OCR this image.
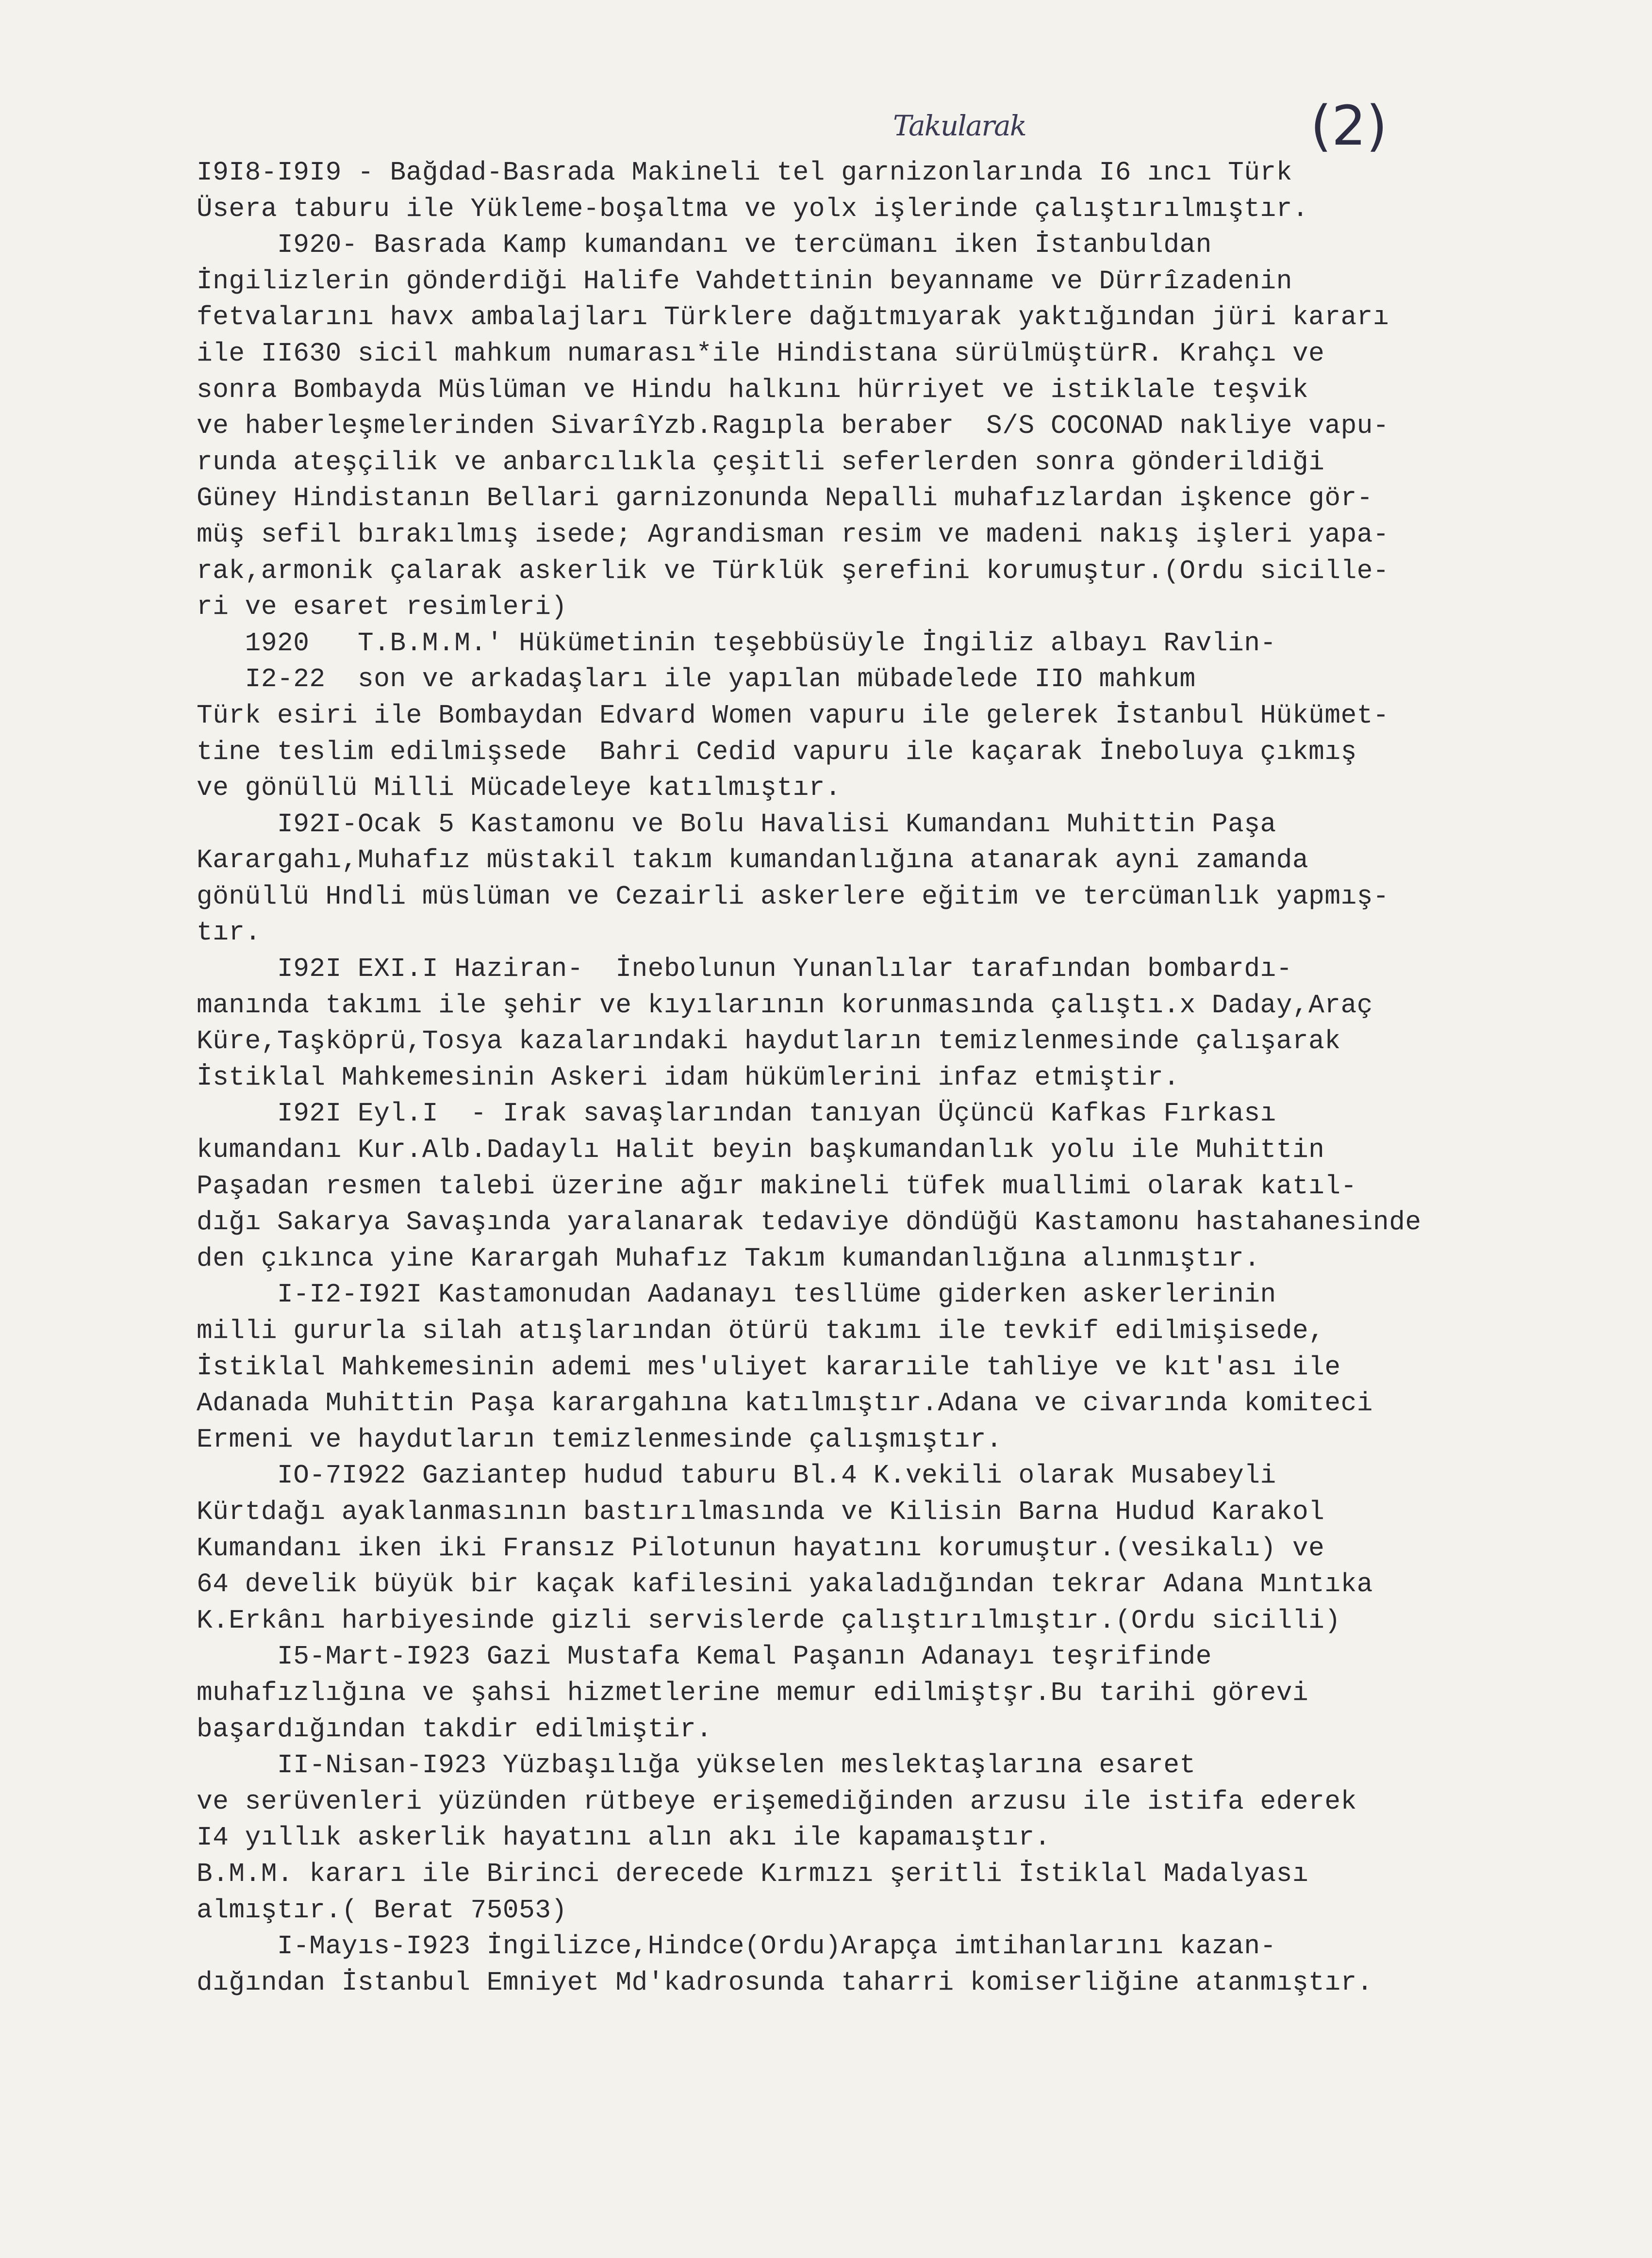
Takularak	(2)
I9I8-I9I9 - Bağdad-Basrada Makineli tel garnizonlarında I6 ıncı Türk
Üsera taburu ile Yükleme-boşaltma ve yolx işlerinde çalıştırılmıştır.
I920- Basrada Kamp kumandanı ve tercümanı iken İstanbuldan
İngilizlerin gönderdiği Halife Vahdettinin beyanname ve Dürrîzadenin
fetvalarını havx ambalajları Türklere dağıtmıyarak yaktığından jüri kararı
ile II630 sicil mahkum numarası*ile Hindistana sürülmüştürR. Krahçı ve
sonra Bombayda Müslüman ve Hindu halkını hürriyet ve istiklale teşvik
ve haberleşmelerinden SivarîYzb.Ragıpla beraber  S/S COCONAD nakliye vapu-
runda ateşçilik ve anbarcılıkla çeşitli seferlerden sonra gönderildiği
Güney Hindistanın Bellari garnizonunda Nepalli muhafızlardan işkence gör-
müş sefil bırakılmış isede; Agrandisman resim ve madeni nakış işleri yapa-
rak,armonik çalarak askerlik ve Türklük şerefini korumuştur.(Ordu sicille-
ri ve esaret resimleri)
1920   T.B.M.M.' Hükümetinin teşebbüsüyle İngiliz albayı Ravlin-
I2-22  son ve arkadaşları ile yapılan mübadelede IIO mahkum
Türk esiri ile Bombaydan Edvard Women vapuru ile gelerek İstanbul Hükümet-
tine teslim edilmişsede  Bahri Cedid vapuru ile kaçarak İneboluya çıkmış
ve gönüllü Milli Mücadeleye katılmıştır.
I92I-Ocak 5 Kastamonu ve Bolu Havalisi Kumandanı Muhittin Paşa
Karargahı,Muhafız müstakil takım kumandanlığına atanarak ayni zamanda
gönüllü Hndli müslüman ve Cezairli askerlere eğitim ve tercümanlık yapmış-
tır.
I92I EXI.I Haziran-  İnebolunun Yunanlılar tarafından bombardı-
manında takımı ile şehir ve kıyılarının korunmasında çalıştı.x Daday,Araç
Küre,Taşköprü,Tosya kazalarındaki haydutların temizlenmesinde çalışarak
İstiklal Mahkemesinin Askeri idam hükümlerini infaz etmiştir.
I92I Eyl.I  - Irak savaşlarından tanıyan Üçüncü Kafkas Fırkası
kumandanı Kur.Alb.Dadaylı Halit beyin başkumandanlık yolu ile Muhittin
Paşadan resmen talebi üzerine ağır makineli tüfek muallimi olarak katıl-
dığı Sakarya Savaşında yaralanarak tedaviye döndüğü Kastamonu hastahanesinde
den çıkınca yine Karargah Muhafız Takım kumandanlığına alınmıştır.
I-I2-I92I Kastamonudan Aadanayı tesllüme giderken askerlerinin
milli gururla silah atışlarından ötürü takımı ile tevkif edilmişisede,
İstiklal Mahkemesinin ademi mes'uliyet kararıile tahliye ve kıt'ası ile
Adanada Muhittin Paşa karargahına katılmıştır.Adana ve civarında komiteci
Ermeni ve haydutların temizlenmesinde çalışmıştır.
IO-7I922 Gaziantep hudud taburu Bl.4 K.vekili olarak Musabeyli
Kürtdağı ayaklanmasının bastırılmasında ve Kilisin Barna Hudud Karakol
Kumandanı iken iki Fransız Pilotunun hayatını korumuştur.(vesikalı) ve
64 develik büyük bir kaçak kafilesini yakaladığından tekrar Adana Mıntıka
K.Erkânı harbiyesinde gizli servislerde çalıştırılmıştır.(Ordu sicilli)
I5-Mart-I923 Gazi Mustafa Kemal Paşanın Adanayı teşrifinde
muhafızlığına ve şahsi hizmetlerine memur edilmiştşr.Bu tarihi görevi
başardığından takdir edilmiştir.
II-Nisan-I923 Yüzbaşılığa yükselen meslektaşlarına esaret
ve serüvenleri yüzünden rütbeye erişemediğinden arzusu ile istifa ederek
I4 yıllık askerlik hayatını alın akı ile kapamaıştır.
B.M.M. kararı ile Birinci derecede Kırmızı şeritli İstiklal Madalyası
almıştır.( Berat 75053)
I-Mayıs-I923 İngilizce,Hindce(Ordu)Arapça imtihanlarını kazan-
dığından İstanbul Emniyet Md'kadrosunda taharri komiserliğine atanmıştır.
